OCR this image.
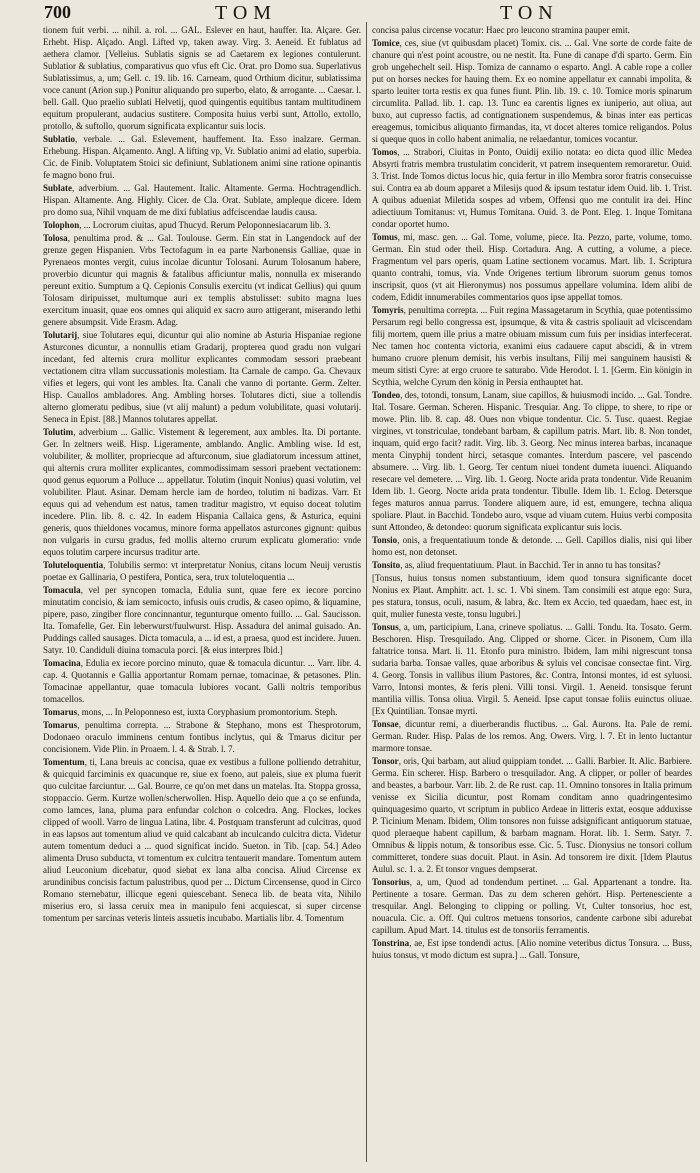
700	TOM	TON

tionem fuit verbi. ... nihil. a. rol. ... GAL. Eslever en haut, hauffer. Ita. Alçare. Ger. Erhebt. Hisp. Alçado. Angl. Lifted vp, taken away. Virg. 3. Aeneid. Et fublatus ad aethera clamor. [Velleius. Sublatis signis se ad Caetarem ex legiones contulerunt. Sublatior & sublatius, comparativus quo vfus eft Cic. Orat. pro Domo sua. Superlativus Sublatissimus, a, um; Gell. c. 19. lib. 16. Carneam, quod Orthium dicitur, sublatissima voce canunt (Arion sup.) Ponitur aliquando pro superbo, elato, & arrogante. ... Caesar. l. bell. Gall. Quo praelio sublati Helvetij, quod quingentis equitibus tantam multitudinem equitum propulerant, audacius sustitere. Composita huius verbi sunt, Attollo, extollo, protollo, & suftollo, quorum significata explicantur suis locis.

Sublatio, verbale. ... Gal. Eslevement, hauffement. Ita. Esso inalzare. German. Erhebung. Hispan. Alçamento. Angl. A lifting vp, Vr. Sublatio animi ad elatio, superbia. Cic. de Finib. Voluptatem Stoici sic definiunt, Sublationem animi sine ratione opinantis fe magno bono frui.

Sublate, adverbium. ... Gal. Hautement. Italic. Altamente. Germa. Hochtragendlich. Hispan. Altamente. Ang. Highly. Cicer. de Cla. Orat. Sublate, ampleque dicere. Idem pro domo sua, Nihil vnquam de me dixi fublatius adfciscendae laudis causa.

Tolophon, ... Locrorum ciuitas, apud Thucyd. Rerum Peloponnesiacarum lib. 3.

Tolosa, penultima prod. & ... Gal. Toulouse. Germ. Ein stat in Langendock auf der grenze gegen Hispanien. Vrbs Tectofagum in ea parte Narbonensis Galliae, quae in Pyrenaeos montes vergit, cuius incolae dicuntur Tolosani. Aurum Tolosanum habere, proverbio dicuntur qui magnis & fatalibus afficiuntur malis, nonnulla ex miserando pereunt exitio. Sumptum a Q. Cepionis Consulis exercitu (vt indicat Gellius) qui quum Tolosam diripuisset, multumque auri ex templis abstulisset: subito magna lues exercitum inuasit, quae eos omnes qui aliquid ex sacro auro attigerant, miserando lethi genere absumpsit. Vide Erasm. Adag.

Tolutarij, siue Tolutares equi, dicuntur qui alio nomine ab Asturia Hispaniae regione Asturcones dicuntur, a nonnullis etiam Gradarij, propterea quod gradu non vulgari incedant, fed alternis crura mollitur explicantes commodam sessori praebeant vectationem citra vllam succussationis molestiam. Ita Carnale de campo. Ga. Chevaux vifies et legers, qui vont les ambles. Ita. Canali che vanno di portante. Germ. Zelter. Hisp. Cauallos ambladores. Ang. Ambling horses. Tolutares dicti, siue a tollendis alterno glomeratu pedibus, siue (vt alij malunt) a pedum volubilitate, quasi volutarij. Seneca in Epist. [88.] Mannos tolutares appellat.

Tolutim, adverbium ... Gallic. Vistement & legerement, aux ambles. Ita. Di portante. Ger. In zeltners weiß. Hisp. Ligeramente, amblando. Anglic. Ambling wise. Id est, volubiliter, & molliter, propriecque ad afturconum, siue gladiatorum incessum attinet, qui alternis crura molliter explicantes, commodissimam sessori praebent vectationem: quod genus equorum a Polluce ... appellatur. Tolutim (inquit Nonius) quasi volutim, vel volubiliter. Plaut. Asinar. Demam hercle iam de hordeo, tolutim ni badizas. Varr. Et equus qui ad vehendum est natus, tamen traditur magistro, vt equiso doceat tolutim incedere. Plin. lib. 8. c. 42. In eadem Hispania Callaica gens, & Asturica, equini generis, quos thieldones vocamus, minore forma appellatos asturcones gignunt: quibus non vulgaris in cursu gradus, fed mollis alterno crurum explicatu glomeratio: vnde equos tolutim carpere incursus traditur arte.

Toluteloquentia, Tolubilis sermo: vt interpretatur Nonius, citans locum Neuij verustis poetae ex Gallinaria, O pestifera, Pontica, sera, trux toluteloquentia ...

Tomacula, vel per syncopen tomacla, Edulia sunt, quae fere ex iecore porcino minutatim concisio, & iam semicocto, infusis ouis crudis, & caseo opimo, & liquamine, pipere, paso, zingiber flore concinnantur, tegunturque omento fuillo. ... Gal. Saucisson. Ita. Tomafelle, Ger. Ein leberwurst/fuulwurst. Hisp. Assadura del animal guisado. An. Puddings called sausages. Dicta tomacula, a ... id est, a praesa, quod est incidere. Juuen. Satyr. 10. Candiduli diuina tomacula porci. [& eius interpres Ibid.]

Tomacina, Edulia ex iecore porcino minuto, quae & tomacula dicuntur. ... Varr. libr. 4. cap. 4. Quotannis e Gallia apportantur Romam pernae, tomacinae, & petasones. Plin. Tomacinae appellantur, quae tomacula lubiores vocant. Galli noltris temporibus tomacellos.

Tomarus, mons, ... In Peloponneso est, iuxta Coryphasium promontorium. Steph.

Tomarus, penultima correpta. ... Strabone & Stephano, mons est Thesprotorum, Dodonaeo oraculo imminens centum fontibus inclytus, qui & Tmarus dicitur per concisionem. Vide Plin. in Proaem. l. 4. & Strab. l. 7.

Tomentum, ti, Lana breuis ac concisa, quae ex vestibus a fullone polliendo detrahitur, & quicquid farciminis ex quacunque re, siue ex foeno, aut paleis, siue ex pluma fuerit quo culcitae farciuntur. ... Gal. Bourre, ce qu'on met dans un matelas. Ita. Stoppa grossa, stoppaccio. Germ. Kurtze wollen/scherwollen. Hisp. Aquello deio que a ço se enfunda, como lamces, lana, pluma para enfundar colchon o colcedra. Ang. Flockes, lockes clipped of wooll. Varro de lingua Latina, libr. 4. Postquam transferunt ad culcitras, quod in eas lapsos aut tomentum aliud ve quid calcabant ab inculcando culcitra dicta. Videtur autem tomentum deduci a ... quod significat incido. Sueton. in Tib. [cap. 54.] Adeo alimenta Druso subducta, vt tomentum ex culcitra tentauerit mandare. Tomentum autem aliud Leuconium dicebatur, quod siebat ex lana alba concisa. Aliud Circense ex arundinibus concisis factum palustribus, quod per ... Dictum Circensense, quod in Circo Romano sternebatur, illicque egeni quiescebant. Seneca lib. de beata vita, Nihilo miserius ero, si lassa ceruix mea in manipulo feni acquiescat, si super circense tomentum per sarcinas veteris linteis assuetis incubabo. Martialis libr. 4. Tomentum

concisa palus circense vocatur: Haec pro leucono stramina pauper emit.

Tomice, ces, siue (vt quibusdam placet) Tomix. cis. ... Gal. Vne sorte de corde faite de chanure qui n'est point acoustre, ou ne nestit. Ita. Fune di canape d'di sparto. Germ. Ein grob ungehechelt seil. Hisp. Tomiza de cannamo o esparto. Angl. A cable rope a coller put on horses neckes for hauing them. Ex eo nomine appellatur ex cannabi impolita, & sparto leuiter torta restis ex qua funes fiunt. Plin. lib. 19. c. 10. Tomice moris spinarum circumlita. Pallad. lib. 1. cap. 13. Tunc ea carentis lignes ex iuniperio, aut oliua, aut buxo, aut cupresso factis, ad contignationem suspendemus, & binas inter eas perticas ereagemus, tomicibus aliquanto firmandas, ita, vt docet alteres tomice religandos. Polus si queque quos in collo habent animalia, ne relaedantur, tomices vocantur.

Tomos, ... Strabori, Ciuitas in Ponto, Ouidij exilio notata: eo dicta quod illic Medea Absyrti fratris membra trustulatim conciderit, vt patrem insequentem remoraretur. Ouid. 3. Trist. Inde Tomos dictus locus hic, quia fertur in illo Membra soror fratris consecuisse sui. Contra ea ab doum apparet a Milesijs quod & ipsum testatur idem Ouid. lib. 1. Trist. A quibus adueniat Miletida sospes ad vrbem, Offensi quo me contulit ira dei. Hinc adiectiuum Tomitanus: vt, Humus Tomitana. Ouid. 3. de Pont. Eleg. 1. Inque Tomitana condar oportet humo.

Tomus, mi, masc. gen. ... Gal. Tome, volume, piece. Ita. Pezzo, parte, volume, tomo. German. Ein stud oder theil. Hisp. Cortadura. Ang. A cutting, a volume, a piece. Fragmentum vel pars operis, quam Latine sectionem vocamus. Mart. lib. 1. Scriptura quanto contrahi, tomus, via. Vnde Origenes tertium librorum suorum genus tomos inscripsit, quos (vt ait Hieronymus) nos possumus appellare volumina. Idem alibi de codem, Edidit innumerabiles commentarios quos ipse appellat tomos.

Tomyris, penultima correpta. ... Fuit regina Massagetarum in Scythia, quae potentissimo Persarum regi bello congressa est, ipsumque, & vita & castris spoliauit ad vlciscendam filij mortem, quem ille prius a matre obiuam missum cum fuis per insidias interfecerat. Nec tamen hoc contenta victoria, exanimi eius cadauere caput abscidi, & in vtrem humano cruore plenum demisit, his verbis insultans, Filij mei sanguinem hausisti & meum sitisti Cyre: at ergo cruore te saturabo. Vide Herodot. l. 1. [Germ. Ein königin in Scythia, welche Cyrum den könig in Persia enthauptet hat.

Tondeo, des, totondi, tonsum, Lanam, siue capillos, & huiusmodi incido. ... Gal. Tondre. Ital. Tosare. German. Scheren. Hispanic. Tresquiar. Ang. To clippe, to shere, to ripe or mowe. Plin. lib. 8. cap. 48. Oues non vbique tondentur. Cic. 5. Tusc. quaest. Regiae virgines, vt tonstriculae, tondebant barbam, & capillum patris. Mart. lib. 8. Non tondet, inquam, quid ergo facit? radit. Virg. lib. 3. Georg. Nec minus interea barbas, incanaque menta Cinyphij tondent hirci, setasque comantes. Interdum pascere, vel pascendo absumere. ... Virg. lib. 1. Georg. Ter centum niuei tondent dumeta iuuenci. Aliquando resecare vel demetere. ... Virg. lib. 1. Georg. Nocte arida prata tondentur. Vide Reuanim Idem lib. 1. Georg. Nocte arida prata tondentur. Tibulle. Idem lib. 1. Eclog. Detersque feges maturos annua parrus. Tondere aliquem aure, id est, emungere, techna aliqua spoliare. Plaut. in Bacchid. Tondebo auro, vsque ad viuam cutem. Huius verbi composita sunt Attondeo, & detondeo: quorum significata explicantur suis locis.

Tonsio, onis, a frequentatiuum tonde & detonde. ... Gell. Capillos dialis, nisi qui liber homo est, non detonset.

Tonsito, as, aliud frequentatiuum. Plaut. in Bacchid. Ter in anno tu has tonsitas?

[Tonsus, huius tonsus nomen substantiuum, idem quod tonsura significante docet Nonius ex Plaut. Amphitr. act. 1. sc. 1. Vbi sinem. Tam consimili est atque ego: Sura, pes statura, tonsus, oculi, nasum, & labra, &c. Item ex Accio, ted quaedam, haec est, in quit, mulier funesta veste, tonsu lugubri.]

Tonsus, a, um, participium, Lana, crineve spoliatus. ... Galli. Tondu. Ita. Tosato. Germ. Beschoren. Hisp. Tresquilado. Ang. Clipped or shorne. Cicer. in Pisonem, Cum illa faltatrice tonsa. Mart. li. 11. Etonfo pura ministro. Ibidem, Iam mihi nigrescunt tonsa sudaria barba. Tonsae valles, quae arboribus & syluis vel concisae consectae fint. Virg. 4. Georg. Tonsis in vallibus ilium Pastores, &c. Contra, Intonsi montes, id est syluosi. Varro, Intonsi montes, & feris pleni. Villi tonsi. Virgil. 1. Aeneid. tonsisque ferunt mantilia villis. Tonsa oliua. Virgil. 5. Aeneid. Ipse caput tonsae foliis euinctus oliuae. [Ex Quintilian. Tonsae myrti.

Tonsae, dicuntur remi, a diuerberandis fluctibus. ... Gal. Aurons. Ita. Pale de remi. German. Ruder. Hisp. Palas de los remos. Ang. Owers. Virg. l. 7. Et in lento luctantur marmore tonsae.

Tonsor, oris, Qui barbam, aut aliud quippiam tondet. ... Galli. Barbier. It. Alic. Barbiere. Germa. Ein scherer. Hisp. Barbero o tresquilador. Ang. A clipper, or poller of beardes and beastes, a barbour. Varr. lib. 2. de Re rust. cap. 11. Omnino tonsores in Italia primum venisse ex Sicilia dicuntur, post Romam conditam anno quadringentesimo quinquagesimo quarto, vt scriptum in publico Ardeae in litteris extat, eosque adduxisse P. Ticinium Menam. Ibidem, Olim tonsores non fuisse adsignificant antiquorum statuae, quod pleraeque habent capillum, & barbam magnam. Horat. lib. 1. Serm. Satyr. 7. Omnibus & lippis notum, & tonsoribus esse. Cic. 5. Tusc. Dionysius ne tonsori collum committeret, tondere suas docuit. Plaut. in Asin. Ad tonsorem ire dixit. [Idem Plautus Aulul. sc. 1. a. 2. Et tonsor vngues dempserat.

Tonsorius, a, um, Quod ad tondendum pertinet. ... Gal. Appartenant a tondre. Ita. Pertinente a tosare. German. Das zu dem scheren gehört. Hisp. Pertenesciente a tresquilar. Angl. Belonging to clipping or polling. Vt, Culter tonsorius, hoc est, nouacula. Cic. a. Off. Qui cultros metuens tonsorios, candente carbone sibi adurebat capillum. Apud Mart. 14. titulus est de tonsoriis ferramentis.

Tonstrina, ae, Est ipse tondendi actus. [Alio nomine veteribus dictus Tonsura. ... Buss, huius tonsus, vt modo dictum est supra.] ... Gall. Tonsure,
